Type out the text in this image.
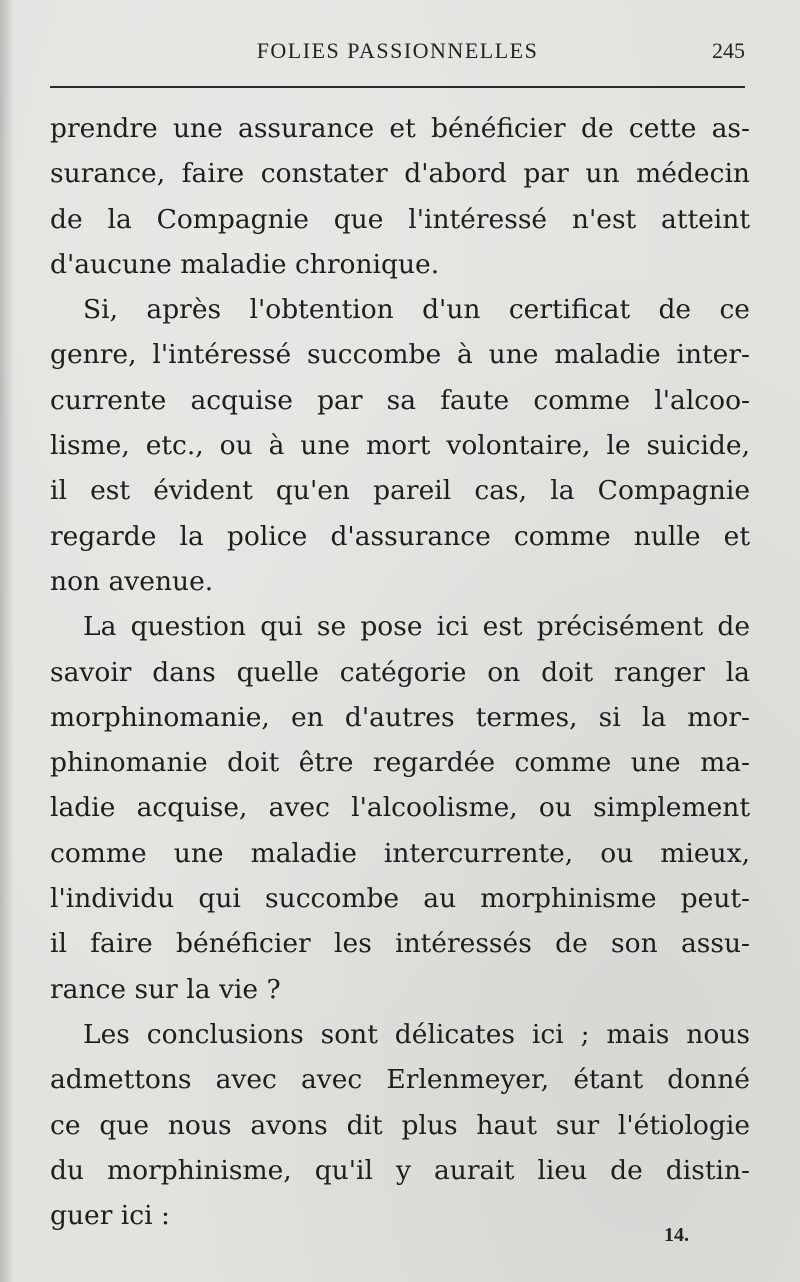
FOLIES PASSIONNELLES	245
prendre une assurance et bénéficier de cette as-
surance, faire constater d'abord par un médecin
de la Compagnie que l'intéressé n'est atteint
d'aucune maladie chronique.
Si, après l'obtention d'un certificat de ce
genre, l'intéressé succombe à une maladie inter-
currente acquise par sa faute comme l'alcoo-
lisme, etc., ou à une mort volontaire, le suicide,
il est évident qu'en pareil cas, la Compagnie
regarde la police d'assurance comme nulle et
non avenue.
La question qui se pose ici est précisément de
savoir dans quelle catégorie on doit ranger la
morphinomanie, en d'autres termes, si la mor-
phinomanie doit être regardée comme une ma-
ladie acquise, avec l'alcoolisme, ou simplement
comme une maladie intercurrente, ou mieux,
l'individu qui succombe au morphinisme peut-
il faire bénéficier les intéressés de son assu-
rance sur la vie ?
Les conclusions sont délicates ici ; mais nous
admettons avec avec Erlenmeyer, étant donné
ce que nous avons dit plus haut sur l'étiologie
du morphinisme, qu'il y aurait lieu de distin-
guer ici :
14.
